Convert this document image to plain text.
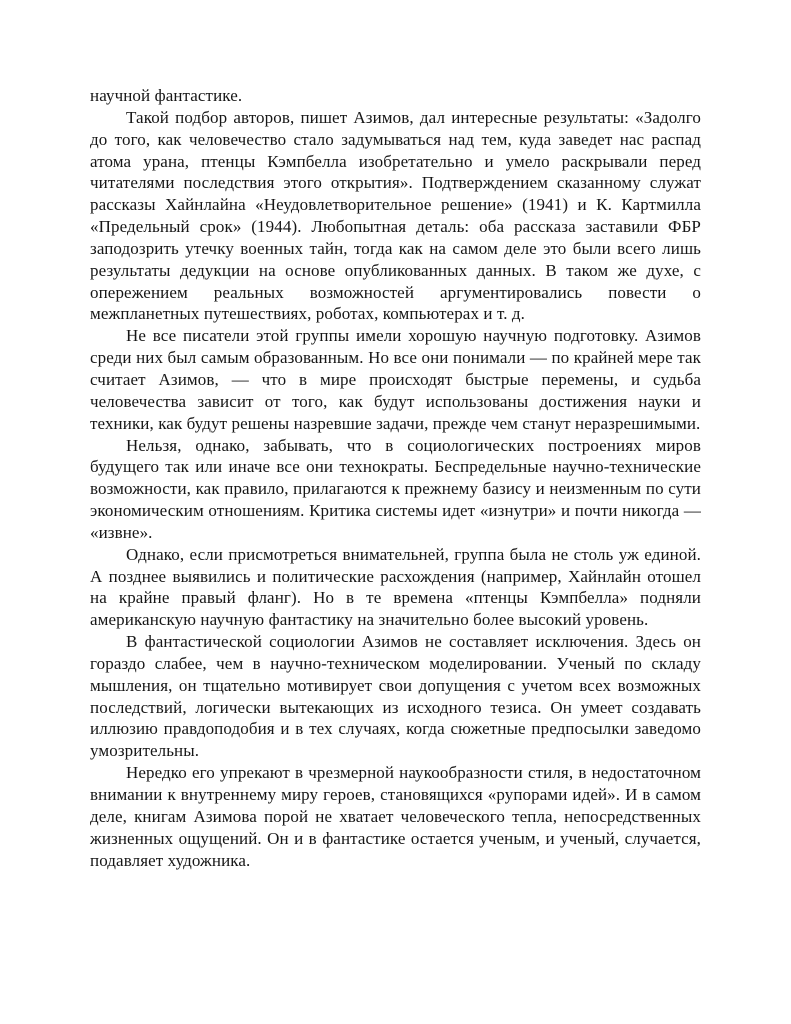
научной фантастике.

Такой подбор авторов, пишет Азимов, дал интересные результаты: «Задолго до того, как человечество стало задумываться над тем, куда заведет нас распад атома урана, птенцы Кэмпбелла изобретательно и умело раскрывали перед читателями последствия этого открытия». Подтверждением сказанному служат рассказы Хайнлайна «Неудовлетворительное решение» (1941) и К. Картмилла «Предельный срок» (1944). Любопытная деталь: оба рассказа заставили ФБР заподозрить утечку военных тайн, тогда как на самом деле это были всего лишь результаты дедукции на основе опубликованных данных. В таком же духе, с опережением реальных возможностей аргументировались повести о межпланетных путешествиях, роботах, компьютерах и т. д.

Не все писатели этой группы имели хорошую научную подготовку. Азимов среди них был самым образованным. Но все они понимали — по крайней мере так считает Азимов, — что в мире происходят быстрые перемены, и судьба человечества зависит от того, как будут использованы достижения науки и техники, как будут решены назревшие задачи, прежде чем станут неразрешимыми.

Нельзя, однако, забывать, что в социологических построениях миров будущего так или иначе все они технократы. Беспредельные научно-технические возможности, как правило, прилагаются к прежнему базису и неизменным по сути экономическим отношениям. Критика системы идет «изнутри» и почти никогда — «извне».

Однако, если присмотреться внимательней, группа была не столь уж единой. А позднее выявились и политические расхождения (например, Хайнлайн отошел на крайне правый фланг). Но в те времена «птенцы Кэмпбелла» подняли американскую научную фантастику на значительно более высокий уровень.

В фантастической социологии Азимов не составляет исключения. Здесь он гораздо слабее, чем в научно-техническом моделировании. Ученый по складу мышления, он тщательно мотивирует свои допущения с учетом всех возможных последствий, логически вытекающих из исходного тезиса. Он умеет создавать иллюзию правдоподобия и в тех случаях, когда сюжетные предпосылки заведомо умозрительны.

Нередко его упрекают в чрезмерной наукообразности стиля, в недостаточном внимании к внутреннему миру героев, становящихся «рупорами идей». И в самом деле, книгам Азимова порой не хватает человеческого тепла, непосредственных жизненных ощущений. Он и в фантастике остается ученым, и ученый, случается, подавляет художника.
